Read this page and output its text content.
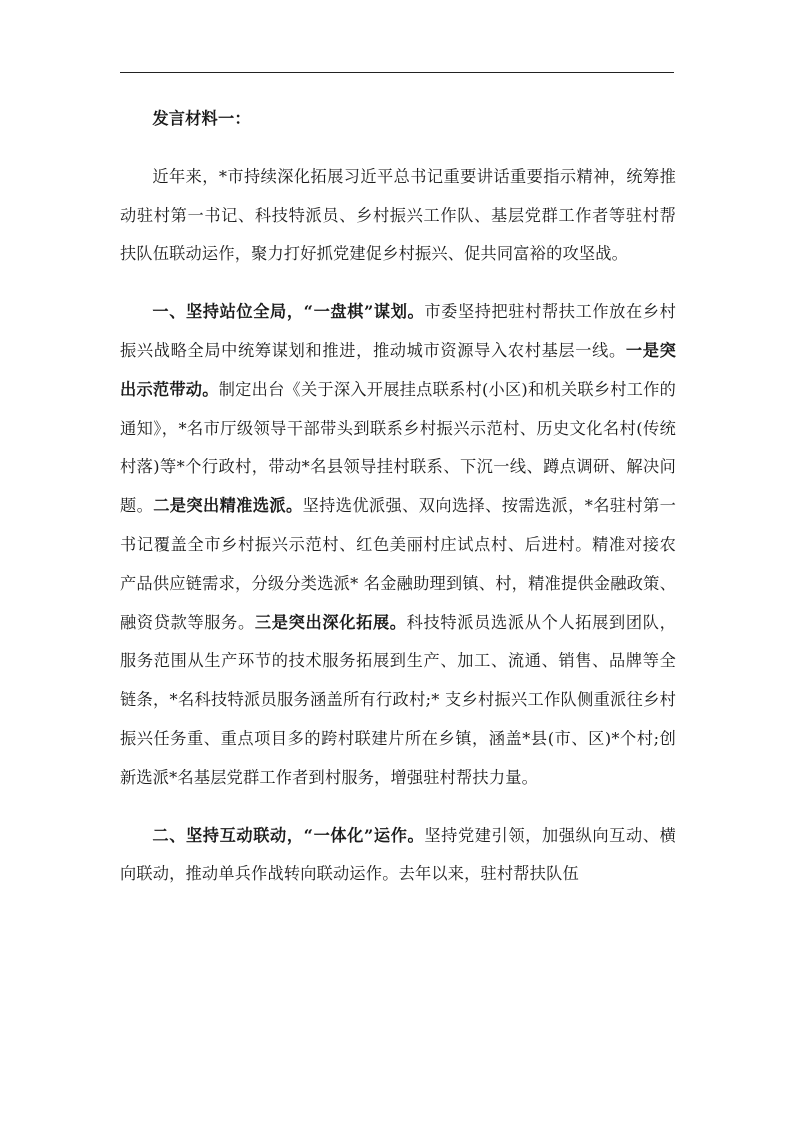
发言材料一：

近年来，*市持续深化拓展习近平总书记重要讲话重要指示精神，统筹推动驻村第一书记、科技特派员、乡村振兴工作队、基层党群工作者等驻村帮扶队伍联动运作，聚力打好抓党建促乡村振兴、促共同富裕的攻坚战。

一、坚持站位全局，“一盘棋”谋划。市委坚持把驻村帮扶工作放在乡村振兴战略全局中统筹谋划和推进，推动城市资源导入农村基层一线。一是突出示范带动。制定出台《关于深入开展挂点联系村(小区)和机关联乡村工作的通知》，*名市厅级领导干部带头到联系乡村振兴示范村、历史文化名村(传统村落)等*个行政村，带动*名县领导挂村联系、下沉一线、蹲点调研、解决问题。二是突出精准选派。坚持选优派强、双向选择、按需选派，*名驻村第一书记覆盖全市乡村振兴示范村、红色美丽村庄试点村、后进村。精准对接农产品供应链需求，分级分类选派* 名金融助理到镇、村，精准提供金融政策、融资贷款等服务。三是突出深化拓展。科技特派员选派从个人拓展到团队，服务范围从生产环节的技术服务拓展到生产、加工、流通、销售、品牌等全链条，*名科技特派员服务涵盖所有行政村;* 支乡村振兴工作队侧重派往乡村振兴任务重、重点项目多的跨村联建片所在乡镇，涵盖*县(市、区)*个村;创新选派*名基层党群工作者到村服务，增强驻村帮扶力量。

二、坚持互动联动，“一体化”运作。坚持党建引领，加强纵向互动、横向联动，推动单兵作战转向联动运作。去年以来，驻村帮扶队伍
